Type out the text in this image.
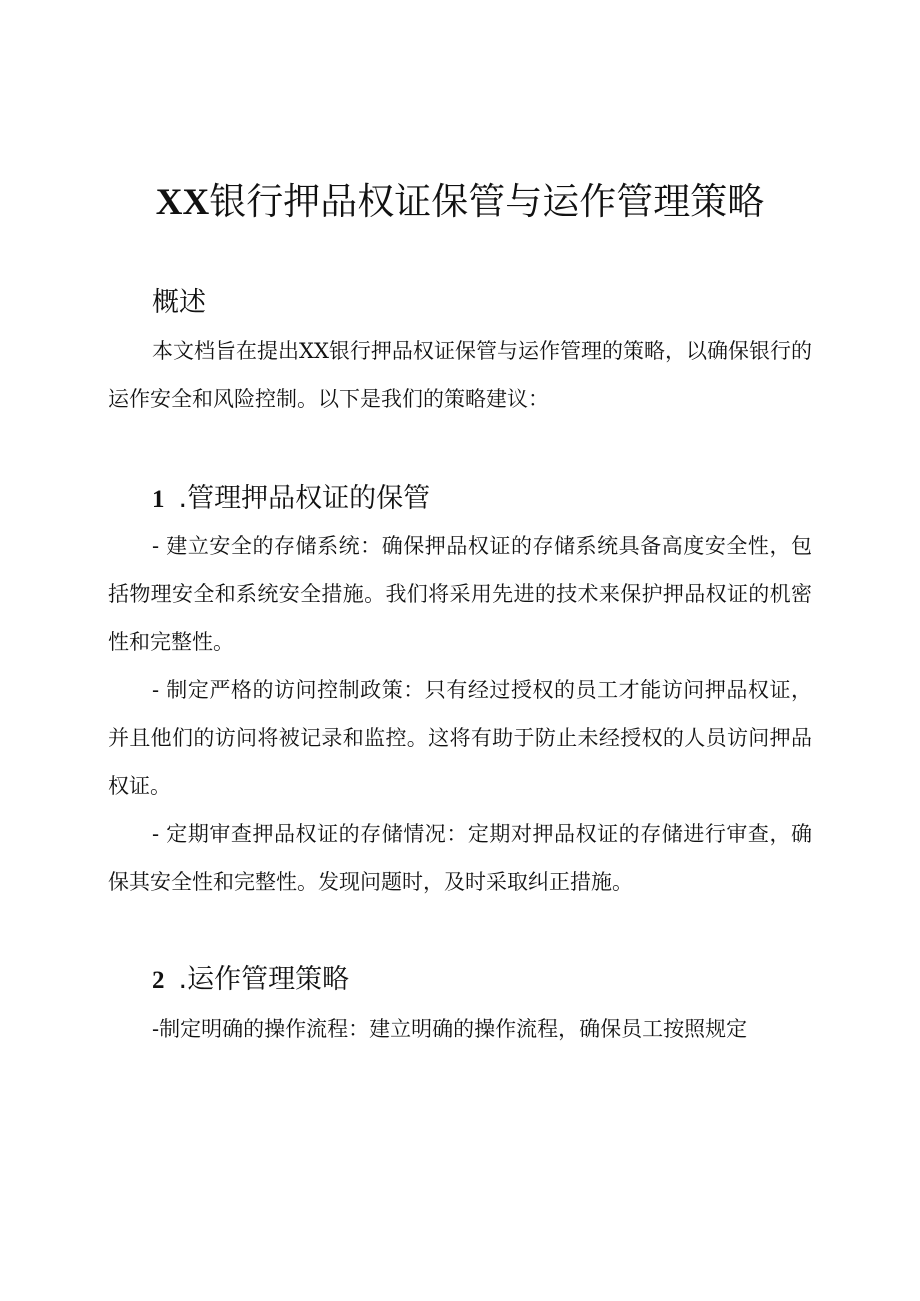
XX银行押品权证保管与运作管理策略
概述

本文档旨在提出XX银行押品权证保管与运作管理的策略，以确保银行的运作安全和风险控制。以下是我们的策略建议：

1 .管理押品权证的保管

- 建立安全的存储系统：确保押品权证的存储系统具备高度安全性，包括物理安全和系统安全措施。我们将采用先进的技术来保护押品权证的机密性和完整性。

- 制定严格的访问控制政策：只有经过授权的员工才能访问押品权证，并且他们的访问将被记录和监控。这将有助于防止未经授权的人员访问押品权证。

- 定期审查押品权证的存储情况：定期对押品权证的存储进行审查，确保其安全性和完整性。发现问题时，及时采取纠正措施。

2 .运作管理策略

-制定明确的操作流程：建立明确的操作流程，确保员工按照规定
